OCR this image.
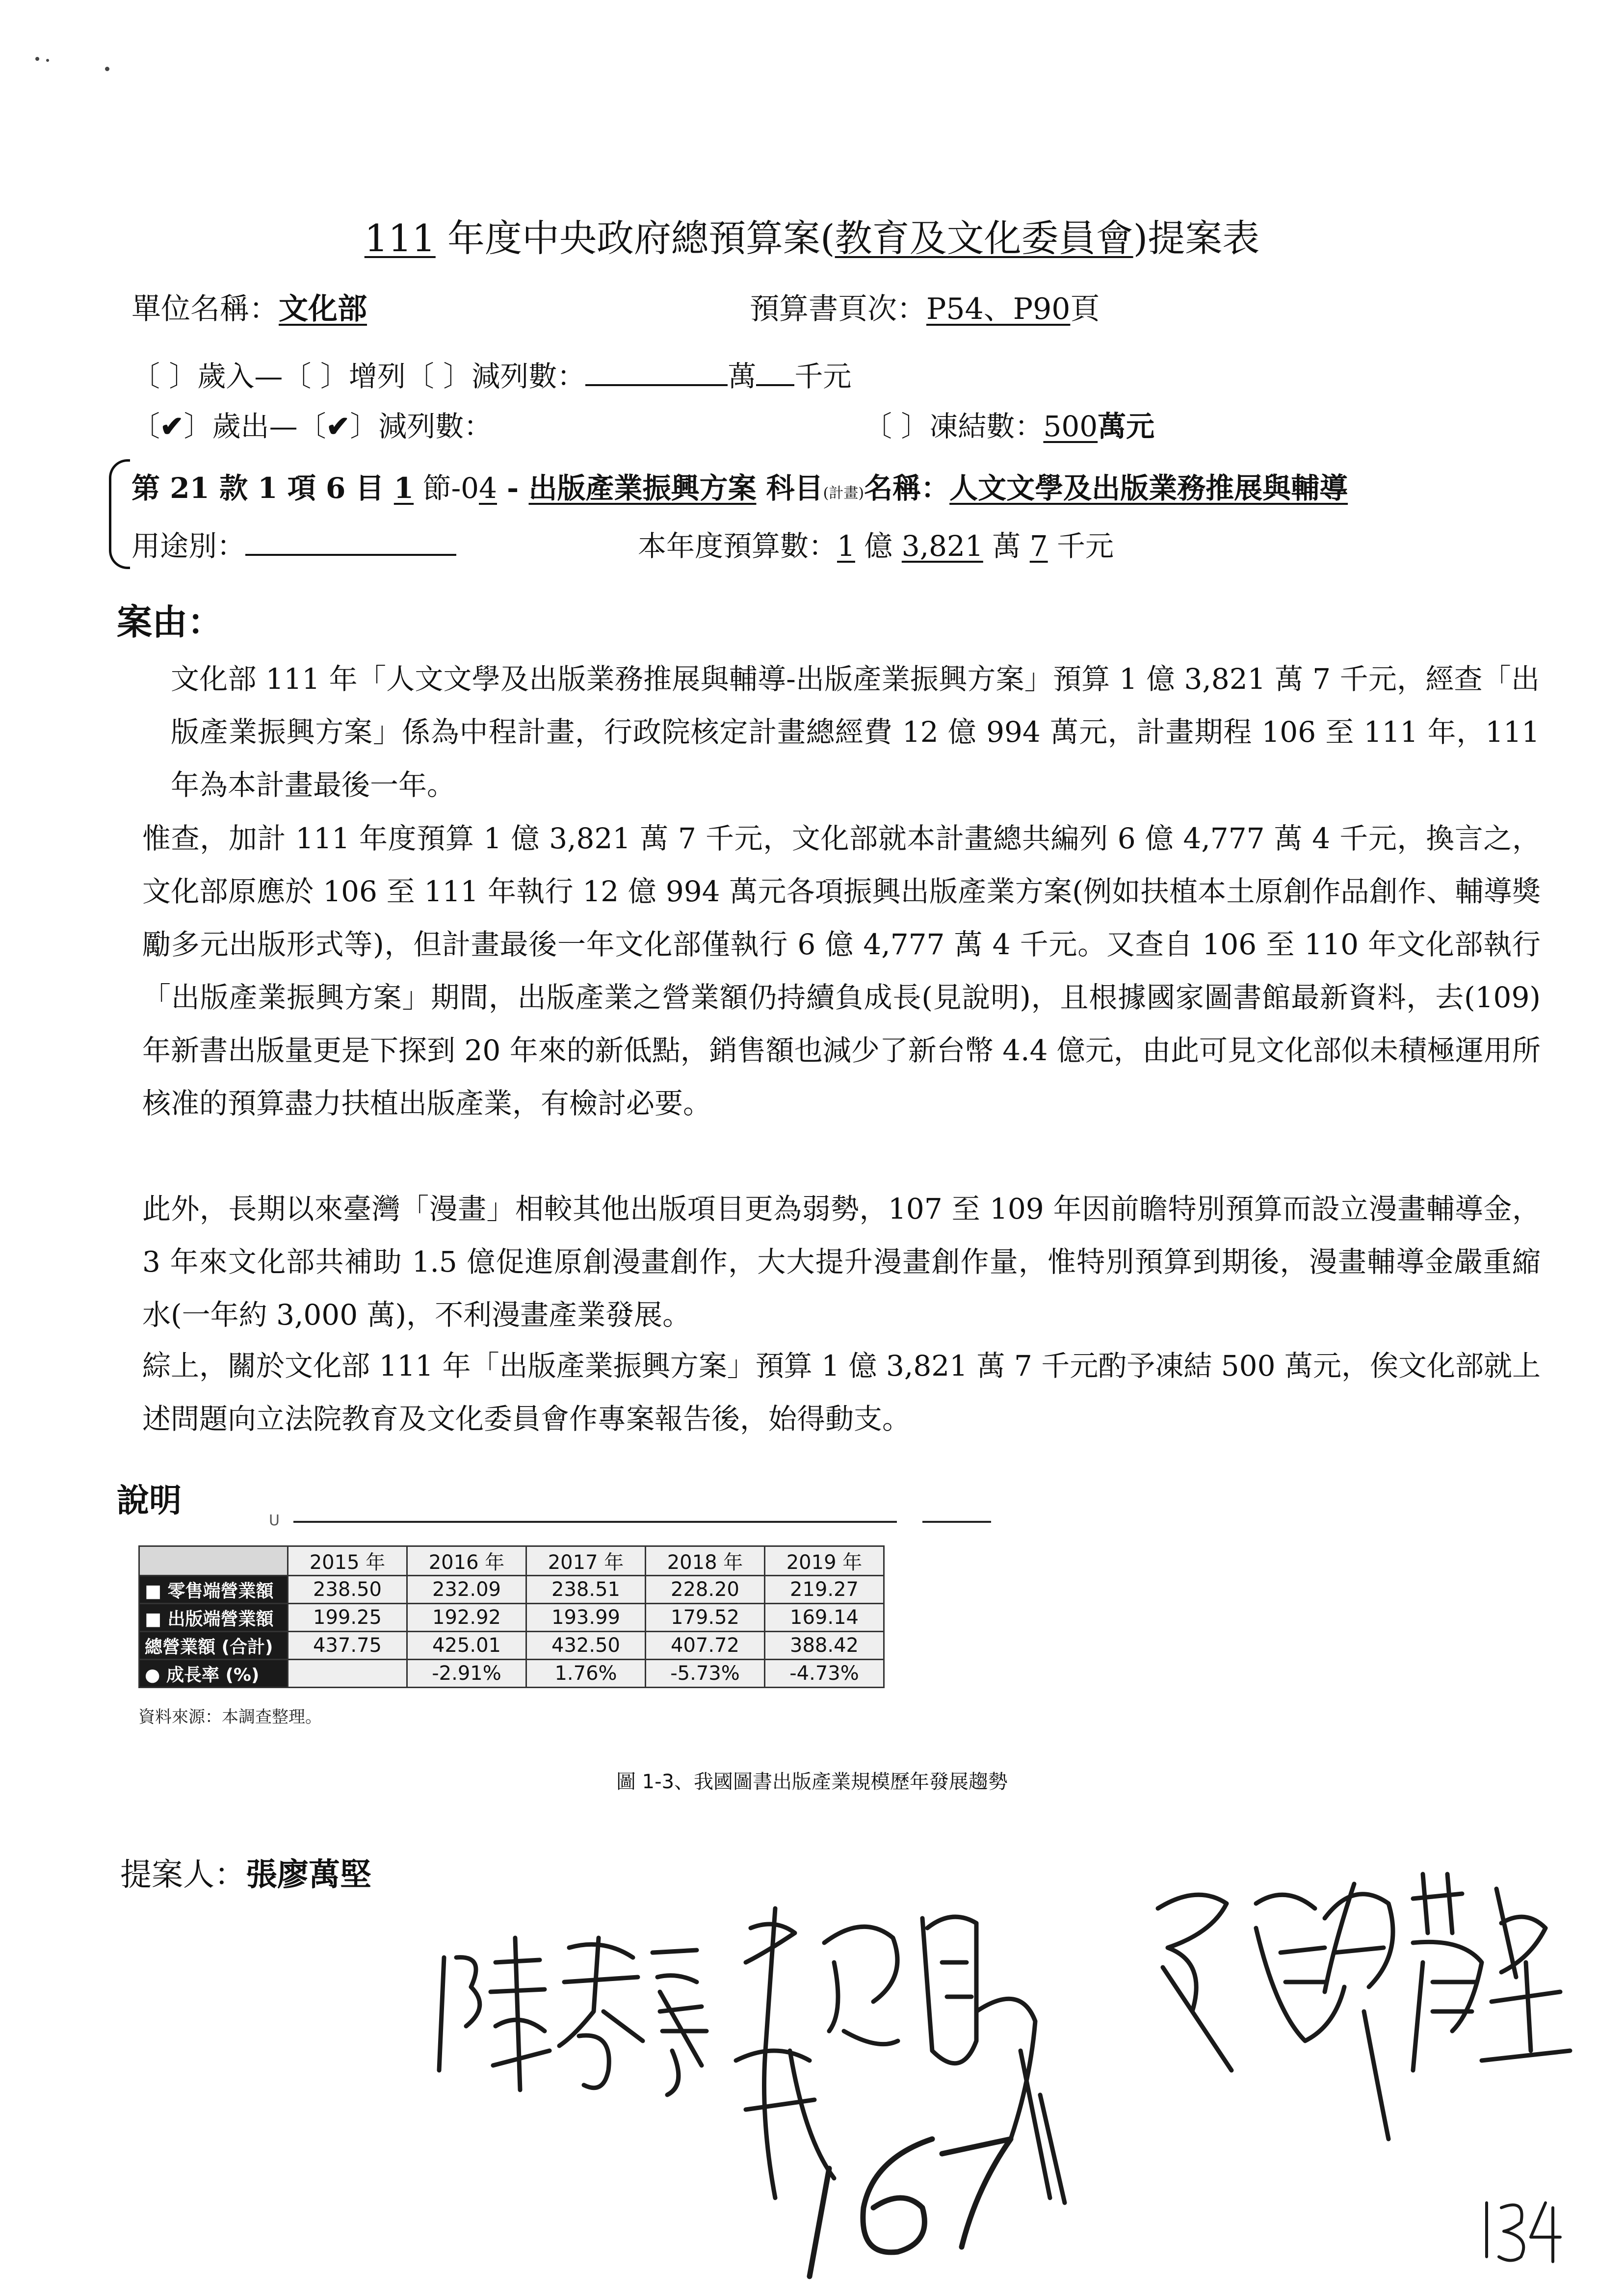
111 年度中央政府總預算案(教育及文化委員會)提案表
單位名稱：文化部	預算書頁次：P54、P90頁
〔 〕歲入—〔 〕增列〔 〕減列數：	萬 千元
〔✔〕歲出—〔✔〕減列數：	〔 〕凍結數：500萬元
第 21 款 1 項 6 目 1 節-04 - 出版產業振興方案 科目(計畫)名稱：人文文學及出版業務推展與輔導
用途別：	本年度預算數：1 億 3,821 萬 7 千元
案由：
文化部 111 年「人文文學及出版業務推展與輔導-出版產業振興方案」預算 1 億 3,821 萬 7 千元，經查「出版產業振興方案」係為中程計畫，行政院核定計畫總經費 12 億 994 萬元，計畫期程 106 至 111 年，111 年為本計畫最後一年。
惟查，加計 111 年度預算 1 億 3,821 萬 7 千元，文化部就本計畫總共編列 6 億 4,777 萬 4 千元，換言之，文化部原應於 106 至 111 年執行 12 億 994 萬元各項振興出版產業方案(例如扶植本土原創作品創作、輔導獎勵多元出版形式等)，但計畫最後一年文化部僅執行 6 億 4,777 萬 4 千元。又查自 106 至 110 年文化部執行「出版產業振興方案」期間，出版產業之營業額仍持續負成長(見說明)，且根據國家圖書館最新資料，去(109)年新書出版量更是下探到 20 年來的新低點，銷售額也減少了新台幣 4.4 億元，由此可見文化部似未積極運用所核准的預算盡力扶植出版產業，有檢討必要。
此外，長期以來臺灣「漫畫」相較其他出版項目更為弱勢，107 至 109 年因前瞻特別預算而設立漫畫輔導金，3 年來文化部共補助 1.5 億促進原創漫畫創作，大大提升漫畫創作量，惟特別預算到期後，漫畫輔導金嚴重縮水(一年約 3,000 萬)，不利漫畫產業發展。
綜上，關於文化部 111 年「出版產業振興方案」預算 1 億 3,821 萬 7 千元酌予凍結 500 萬元，俟文化部就上述問題向立法院教育及文化委員會作專案報告後，始得動支。
說明
U
	2015 年	2016 年	2017 年	2018 年	2019 年
■ 零售端營業額	238.50	232.09	238.51	228.20	219.27
■ 出版端營業額	199.25	192.92	193.99	179.52	169.14
總營業額 (合計)	437.75	425.01	432.50	407.72	388.42
● 成長率 (%)		-2.91%	1.76%	-5.73%	-4.73%
資料來源：本調查整理。
圖 1-3、我國圖書出版產業規模歷年發展趨勢
提案人：張廖萬堅
